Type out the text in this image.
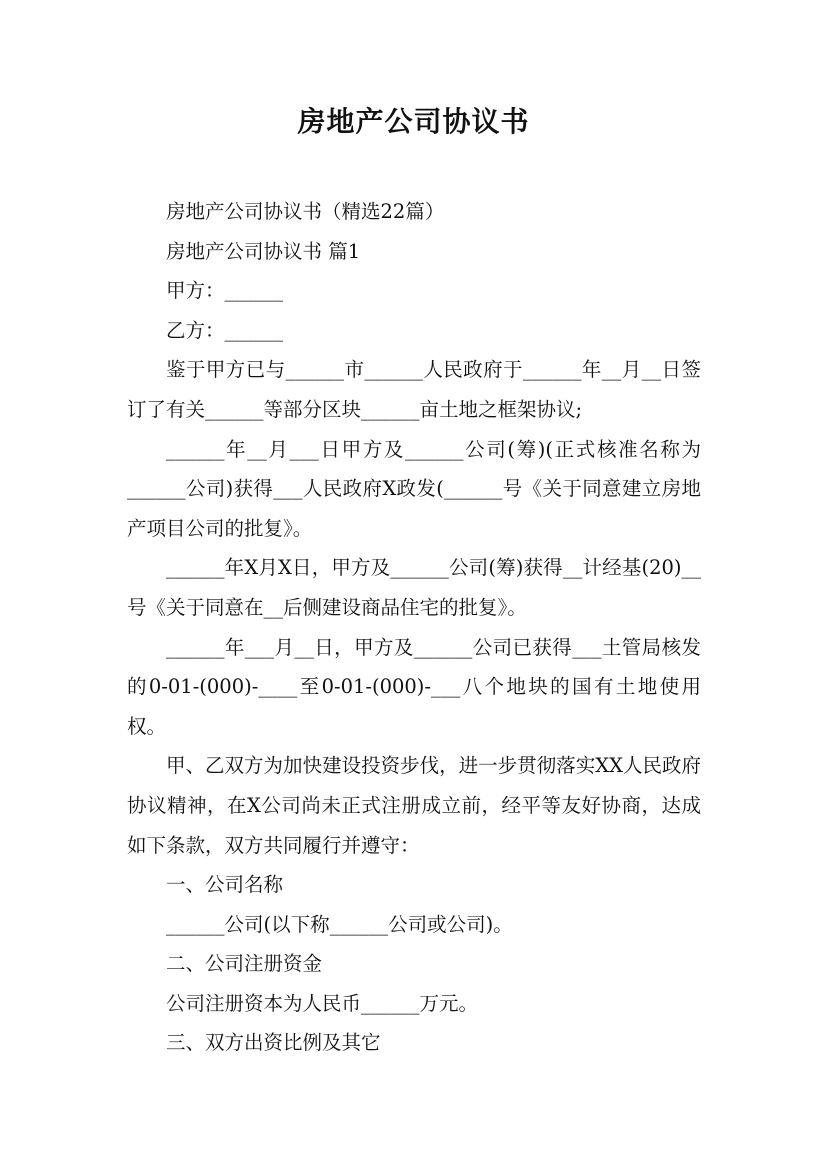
房地产公司协议书

房地产公司协议书（精选22篇）

房地产公司协议书 篇1

甲方：______

乙方：______

鉴于甲方已与______市______人民政府于______年__月__日签订了有关______等部分区块______亩土地之框架协议;

______年__月___日甲方及______公司(筹)(正式核准名称为______公司)获得___人民政府X政发(______号《关于同意建立房地产项目公司的批复》。

______年X月X日，甲方及______公司(筹)获得__计经基(20)__号《关于同意在__后侧建设商品住宅的批复》。

______年___月__日，甲方及______公司已获得___土管局核发的0-01-(000)-____至0-01-(000)-___八个地块的国有土地使用权。

甲、乙双方为加快建设投资步伐，进一步贯彻落实XX人民政府协议精神，在X公司尚未正式注册成立前，经平等友好协商，达成如下条款，双方共同履行并遵守：

一、公司名称

______公司(以下称______公司或公司)。

二、公司注册资金

公司注册资本为人民币______万元。

三、双方出资比例及其它
